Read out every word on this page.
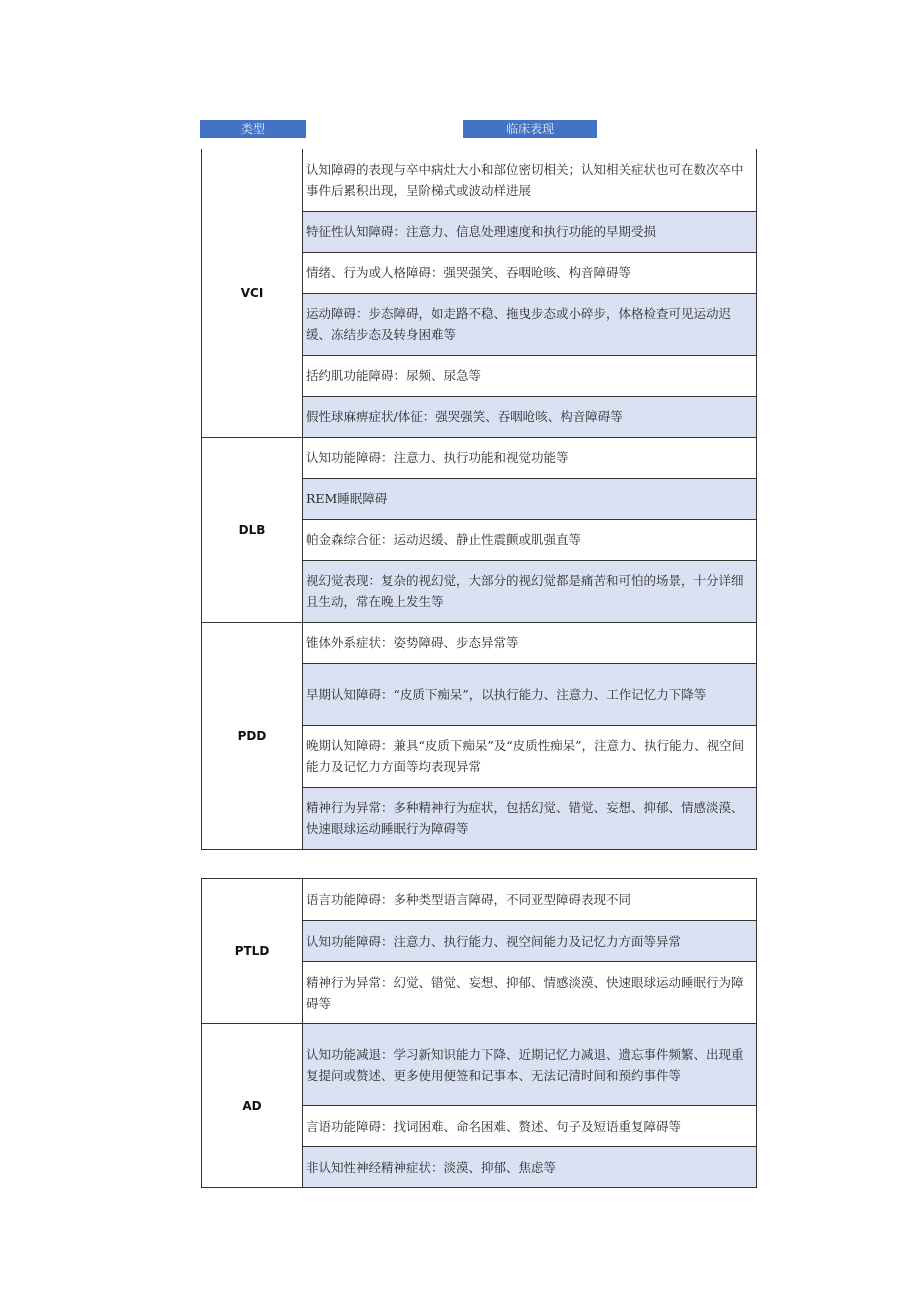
类型	临床表现
VCI	认知障碍的表现与卒中病灶大小和部位密切相关；认知相关症状也可在数次卒中事件后累积出现，呈阶梯式或波动样进展
	特征性认知障碍：注意力、信息处理速度和执行功能的早期受损
	情绪、行为或人格障碍：强哭强笑、吞咽呛咳、构音障碍等
	运动障碍：步态障碍，如走路不稳、拖曳步态或小碎步，体格检查可见运动迟缓、冻结步态及转身困难等
	括约肌功能障碍：尿频、尿急等
	假性球麻痹症状/体征：强哭强笑、吞咽呛咳、构音障碍等
DLB	认知功能障碍：注意力、执行功能和视觉功能等
	REM睡眠障碍
	帕金森综合征：运动迟缓、静止性震颤或肌强直等
	视幻觉表现：复杂的视幻觉，大部分的视幻觉都是痛苦和可怕的场景，十分详细且生动，常在晚上发生等
PDD	锥体外系症状：姿势障碍、步态异常等
	早期认知障碍：“皮质下痴呆”，以执行能力、注意力、工作记忆力下降等
	晚期认知障碍：兼具“皮质下痴呆”及“皮质性痴呆”，注意力、执行能力、视空间能力及记忆力方面等均表现异常
	精神行为异常：多种精神行为症状，包括幻觉、错觉、妄想、抑郁、情感淡漠、快速眼球运动睡眠行为障碍等
PTLD	语言功能障碍：多种类型语言障碍，不同亚型障碍表现不同
	认知功能障碍：注意力、执行能力、视空间能力及记忆力方面等异常
	精神行为异常：幻觉、错觉、妄想、抑郁、情感淡漠、快速眼球运动睡眠行为障碍等
AD	认知功能减退：学习新知识能力下降、近期记忆力减退、遗忘事件频繁、出现重复提问或赘述、更多使用便签和记事本、无法记清时间和预约事件等
	言语功能障碍：找词困难、命名困难、赘述、句子及短语重复障碍等
	非认知性神经精神症状：淡漠、抑郁、焦虑等
